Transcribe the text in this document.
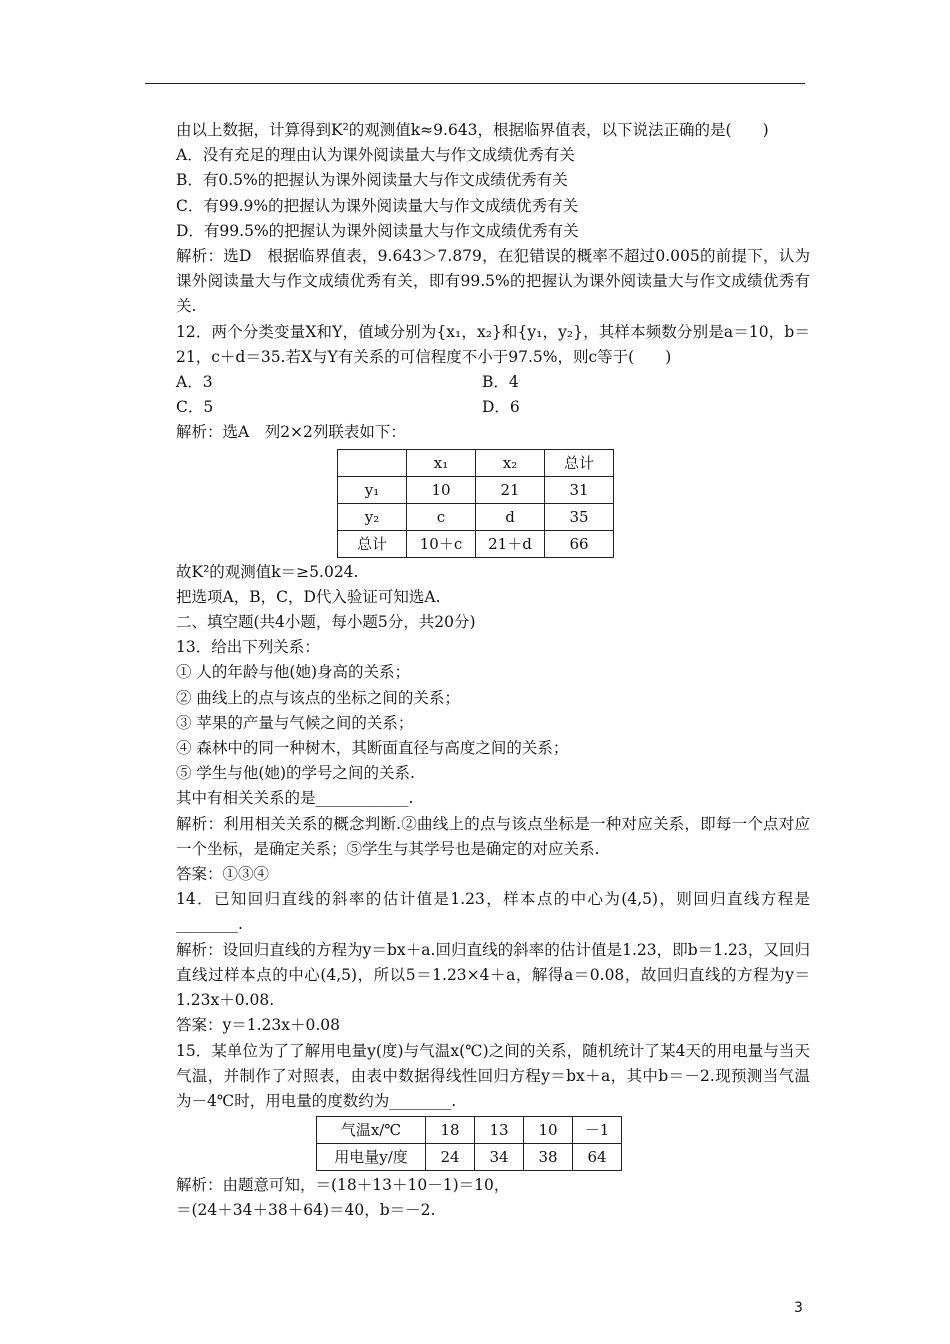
由以上数据，计算得到K²的观测值k≈9.643，根据临界值表，以下说法正确的是(　　)

A．没有充足的理由认为课外阅读量大与作文成绩优秀有关

B．有0.5%的把握认为课外阅读量大与作文成绩优秀有关

C．有99.9%的把握认为课外阅读量大与作文成绩优秀有关

D．有99.5%的把握认为课外阅读量大与作文成绩优秀有关

解析：选D　根据临界值表，9.643＞7.879，在犯错误的概率不超过0.005的前提下，认为课外阅读量大与作文成绩优秀有关，即有99.5%的把握认为课外阅读量大与作文成绩优秀有关.

12．两个分类变量X和Y，值域分别为{x₁，x₂}和{y₁，y₂}，其样本频数分别是a＝10，b＝21，c＋d＝35.若X与Y有关系的可信程度不小于97.5%，则c等于(　　)

A．3	B．4
C．5	D．6

解析：选A　列2×2列联表如下：

	x₁	x₂	总计
y₁	10	21	31
y₂	c	d	35
总计	10＋c	21＋d	66

故K²的观测值k＝≥5.024.

把选项A，B，C，D代入验证可知选A.

二、填空题(共4小题，每小题5分，共20分)

13．给出下列关系：

① 人的年龄与他(她)身高的关系；

② 曲线上的点与该点的坐标之间的关系；

③ 苹果的产量与气候之间的关系；

④ 森林中的同一种树木，其断面直径与高度之间的关系；

⑤ 学生与他(她)的学号之间的关系.

其中有相关关系的是____________.

解析：利用相关关系的概念判断.②曲线上的点与该点坐标是一种对应关系，即每一个点对应一个坐标，是确定关系；⑤学生与其学号也是确定的对应关系.

答案：①③④

14．已知回归直线的斜率的估计值是1.23，样本点的中心为(4,5)，则回归直线方程是________.

解析：设回归直线的方程为y＝bx＋a.回归直线的斜率的估计值是1.23，即b＝1.23，又回归直线过样本点的中心(4,5)，所以5＝1.23×4＋a，解得a＝0.08，故回归直线的方程为y＝1.23x＋0.08.

答案：y＝1.23x＋0.08

15．某单位为了了解用电量y(度)与气温x(℃)之间的关系，随机统计了某4天的用电量与当天气温，并制作了对照表，由表中数据得线性回归方程y＝bx＋a，其中b＝－2.现预测当气温为－4℃时，用电量的度数约为________.

气温x/℃	18	13	10	－1
用电量y/度	24	34	38	64

解析：由题意可知，＝(18＋13＋10－1)＝10，

＝(24＋34＋38＋64)＝40，b＝－2.

3
